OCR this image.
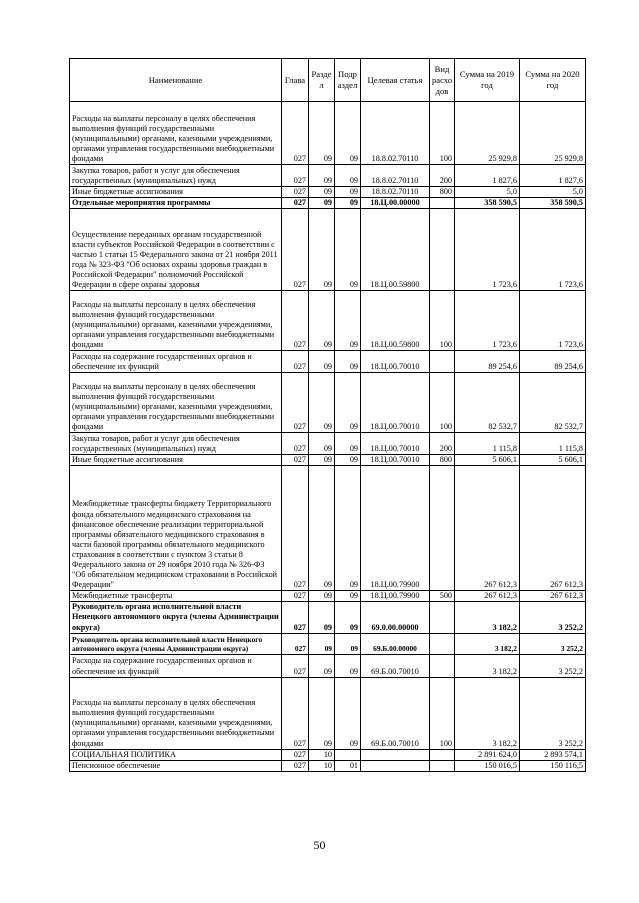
Наименование	Глава	Разде л	Подр аздел	Целевая статья	Вид расхо дов	Сумма на 2019 год	Сумма на 2020 год
Расходы на выплаты персоналу в целях обеспечения выполнения функций государственными (муниципальными) органами, казенными учреждениями, органами управления государственными внебюджетными фондами	027	09	09	18.8.02.70110	100	25 929,8	25 929,8
Закупка товаров, работ и услуг для обеспечения государственных (муниципальных) нужд	027	09	09	18.8.02.70110	200	1 827,6	1 827,6
Иные бюджетные ассигнования	027	09	09	18.8.02.70110	800	5,0	5,0
Отдельные мероприятия программы	027	09	09	18.Ц.00.00000		358 590,5	358 590,5
Осуществление переданных органам государственной власти субъектов Российской Федерации в соответствии с частью 1 статьи 15 Федерального закона от 21 ноября 2011 года № 323-ФЗ "Об основах охраны здоровья граждан в Российской Федерации" полномочий Российской Федерации в сфере охраны здоровья	027	09	09	18.Ц.00.59800		1 723,6	1 723,6
Расходы на выплаты персоналу в целях обеспечения выполнения функций государственными (муниципальными) органами, казенными учреждениями, органами управления государственными внебюджетными фондами	027	09	09	18.Ц.00.59800	100	1 723,6	1 723,6
Расходы на содержание государственных органов и обеспечение их функций	027	09	09	18.Ц.00.70010		89 254,6	89 254,6
Расходы на выплаты персоналу в целях обеспечения выполнения функций государственными (муниципальными) органами, казенными учреждениями, органами управления государственными внебюджетными фондами	027	09	09	18.Ц.00.70010	100	82 532,7	82 532,7
Закупка товаров, работ и услуг для обеспечения государственных (муниципальных) нужд	027	09	09	18.Ц.00.70010	200	1 115,8	1 115,8
Иные бюджетные ассигнования	027	09	09	18.Ц.00.70010	800	5 606,1	5 606,1
Межбюджетные трансферты бюджету Территориального фонда обязательного медицинского страхования на финансовое обеспечение реализации территориальной программы обязательного медицинского страхования в части базовой программы обязательного медицинского страхования в соответствии с пунктом 3 статьи 8 Федерального закона от 29 ноября 2010 года № 326-ФЗ "Об обязательном медицинском страховании в Российской Федерации"	027	09	09	18.Ц.00.79900		267 612,3	267 612,3
Межбюджетные трансферты	027	09	09	18.Ц.00.79900	500	267 612,3	267 612,3
Руководитель органа исполнительной власти Ненецкого автономного округа (члены Администрации округа)	027	09	09	69.0.00.00000		3 182,2	3 252,2
Руководитель органа исполнительной власти Ненецкого автономного округа (члены Администрации округа)	027	09	09	69.Б.00.00000		3 182,2	3 252,2
Расходы на содержание государственных органов и обеспечение их функций	027	09	09	69.Б.00.70010		3 182,2	3 252,2
Расходы на выплаты персоналу в целях обеспечения выполнения функций государственными (муниципальными) органами, казенными учреждениями, органами управления государственными внебюджетными фондами	027	09	09	69.Б.00.70010	100	3 182,2	3 252,2
СОЦИАЛЬНАЯ ПОЛИТИКА	027	10				2 891 624,0	2 893 574,1
Пенсионное обеспечение	027	10	01			150 016,5	150 116,5
50
